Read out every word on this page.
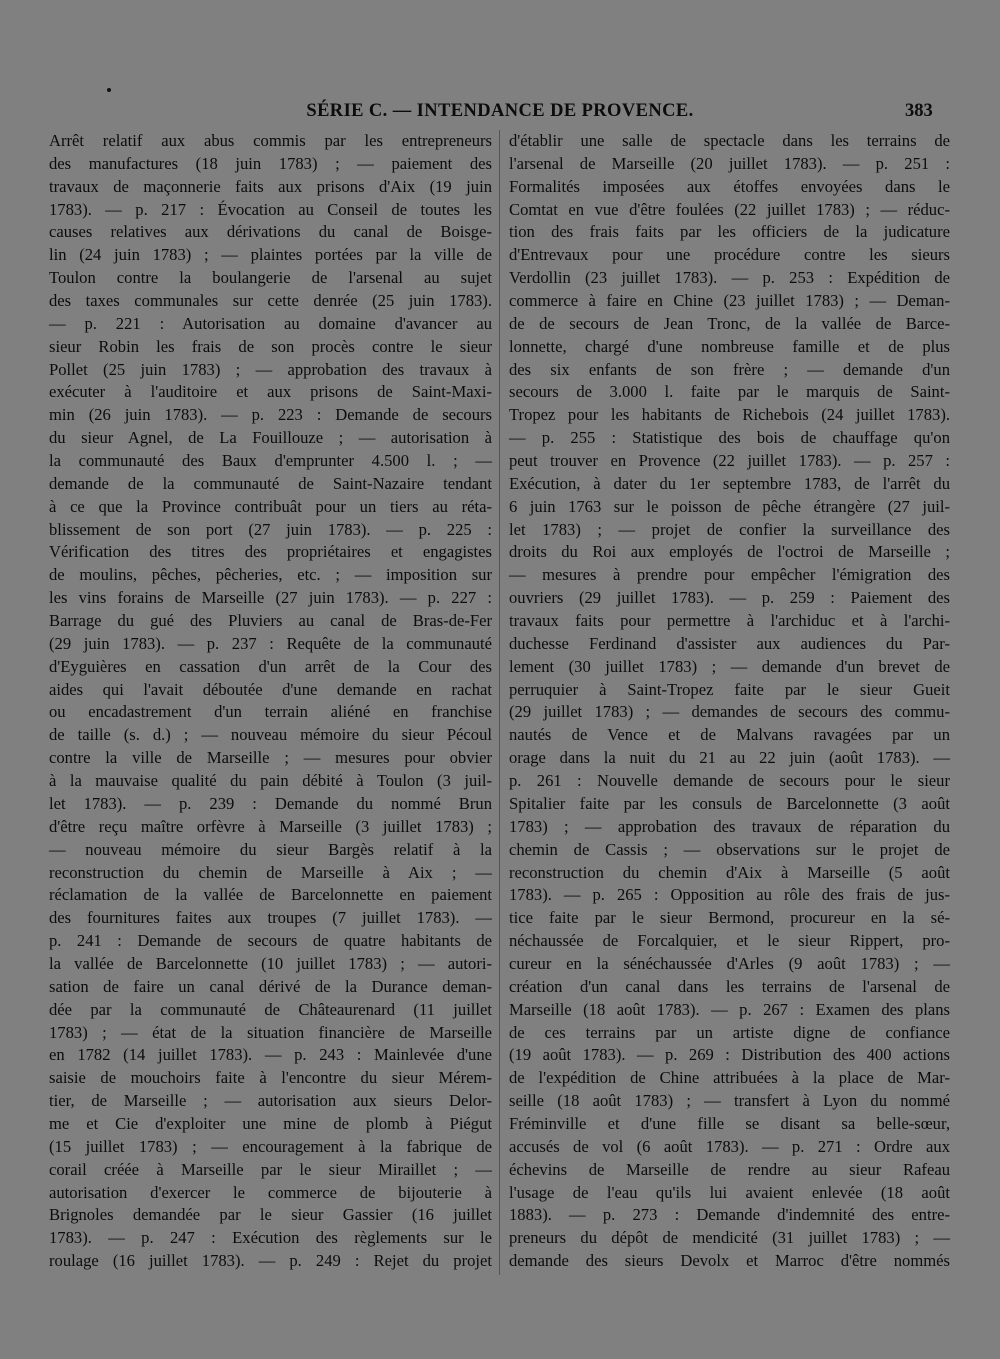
SÉRIE C. — INTENDANCE DE PROVENCE.	383
Arrêt relatif aux abus commis par les entrepreneurs
des manufactures (18 juin 1783) ; — paiement des
travaux de maçonnerie faits aux prisons d'Aix (19 juin
1783). — p. 217 : Évocation au Conseil de toutes les
causes relatives aux dérivations du canal de Boisge-
lin (24 juin 1783) ; — plaintes portées par la ville de
Toulon contre la boulangerie de l'arsenal au sujet
des taxes communales sur cette denrée (25 juin 1783).
— p. 221 : Autorisation au domaine d'avancer au
sieur Robin les frais de son procès contre le sieur
Pollet (25 juin 1783) ; — approbation des travaux à
exécuter à l'auditoire et aux prisons de Saint-Maxi-
min (26 juin 1783). — p. 223 : Demande de secours
du sieur Agnel, de La Fouillouze ; — autorisation à
la communauté des Baux d'emprunter 4.500 l. ; —
demande de la communauté de Saint-Nazaire tendant
à ce que la Province contribuât pour un tiers au réta-
blissement de son port (27 juin 1783). — p. 225 :
Vérification des titres des propriétaires et engagistes
de moulins, pêches, pêcheries, etc. ; — imposition sur
les vins forains de Marseille (27 juin 1783). — p. 227 :
Barrage du gué des Pluviers au canal de Bras-de-Fer
(29 juin 1783). — p. 237 : Requête de la communauté
d'Eyguières en cassation d'un arrêt de la Cour des
aides qui l'avait déboutée d'une demande en rachat
ou encadastrement d'un terrain aliéné en franchise
de taille (s. d.) ; — nouveau mémoire du sieur Pécoul
contre la ville de Marseille ; — mesures pour obvier
à la mauvaise qualité du pain débité à Toulon (3 juil-
let 1783). — p. 239 : Demande du nommé Brun
d'être reçu maître orfèvre à Marseille (3 juillet 1783) ;
— nouveau mémoire du sieur Bargès relatif à la
reconstruction du chemin de Marseille à Aix ; —
réclamation de la vallée de Barcelonnette en paiement
des fournitures faites aux troupes (7 juillet 1783). —
p. 241 : Demande de secours de quatre habitants de
la vallée de Barcelonnette (10 juillet 1783) ; — autori-
sation de faire un canal dérivé de la Durance deman-
dée par la communauté de Châteaurenard (11 juillet
1783) ; — état de la situation financière de Marseille
en 1782 (14 juillet 1783). — p. 243 : Mainlevée d'une
saisie de mouchoirs faite à l'encontre du sieur Mérem-
tier, de Marseille ; — autorisation aux sieurs Delor-
me et Cie d'exploiter une mine de plomb à Piégut
(15 juillet 1783) ; — encouragement à la fabrique de
corail créée à Marseille par le sieur Miraillet ; —
autorisation d'exercer le commerce de bijouterie à
Brignoles demandée par le sieur Gassier (16 juillet
1783). — p. 247 : Exécution des règlements sur le
roulage (16 juillet 1783). — p. 249 : Rejet du projet
d'établir une salle de spectacle dans les terrains de
l'arsenal de Marseille (20 juillet 1783). — p. 251 :
Formalités imposées aux étoffes envoyées dans le
Comtat en vue d'être foulées (22 juillet 1783) ; — réduc-
tion des frais faits par les officiers de la judicature
d'Entrevaux pour une procédure contre les sieurs
Verdollin (23 juillet 1783). — p. 253 : Expédition de
commerce à faire en Chine (23 juillet 1783) ; — Deman-
de de secours de Jean Tronc, de la vallée de Barce-
lonnette, chargé d'une nombreuse famille et de plus
des six enfants de son frère ; — demande d'un
secours de 3.000 l. faite par le marquis de Saint-
Tropez pour les habitants de Richebois (24 juillet 1783).
— p. 255 : Statistique des bois de chauffage qu'on
peut trouver en Provence (22 juillet 1783). — p. 257 :
Exécution, à dater du 1er septembre 1783, de l'arrêt du
6 juin 1763 sur le poisson de pêche étrangère (27 juil-
let 1783) ; — projet de confier la surveillance des
droits du Roi aux employés de l'octroi de Marseille ;
— mesures à prendre pour empêcher l'émigration des
ouvriers (29 juillet 1783). — p. 259 : Paiement des
travaux faits pour permettre à l'archiduc et à l'archi-
duchesse Ferdinand d'assister aux audiences du Par-
lement (30 juillet 1783) ; — demande d'un brevet de
perruquier à Saint-Tropez faite par le sieur Gueit
(29 juillet 1783) ; — demandes de secours des commu-
nautés de Vence et de Malvans ravagées par un
orage dans la nuit du 21 au 22 juin (août 1783). —
p. 261 : Nouvelle demande de secours pour le sieur
Spitalier faite par les consuls de Barcelonnette (3 août
1783) ; — approbation des travaux de réparation du
chemin de Cassis ; — observations sur le projet de
reconstruction du chemin d'Aix à Marseille (5 août
1783). — p. 265 : Opposition au rôle des frais de jus-
tice faite par le sieur Bermond, procureur en la sé-
néchaussée de Forcalquier, et le sieur Rippert, pro-
cureur en la sénéchaussée d'Arles (9 août 1783) ; —
création d'un canal dans les terrains de l'arsenal de
Marseille (18 août 1783). — p. 267 : Examen des plans
de ces terrains par un artiste digne de confiance
(19 août 1783). — p. 269 : Distribution des 400 actions
de l'expédition de Chine attribuées à la place de Mar-
seille (18 août 1783) ; — transfert à Lyon du nommé
Fréminville et d'une fille se disant sa belle-sœur,
accusés de vol (6 août 1783). — p. 271 : Ordre aux
échevins de Marseille de rendre au sieur Rafeau
l'usage de l'eau qu'ils lui avaient enlevée (18 août
1883). — p. 273 : Demande d'indemnité des entre-
preneurs du dépôt de mendicité (31 juillet 1783) ; —
demande des sieurs Devolx et Marroc d'être nommés
